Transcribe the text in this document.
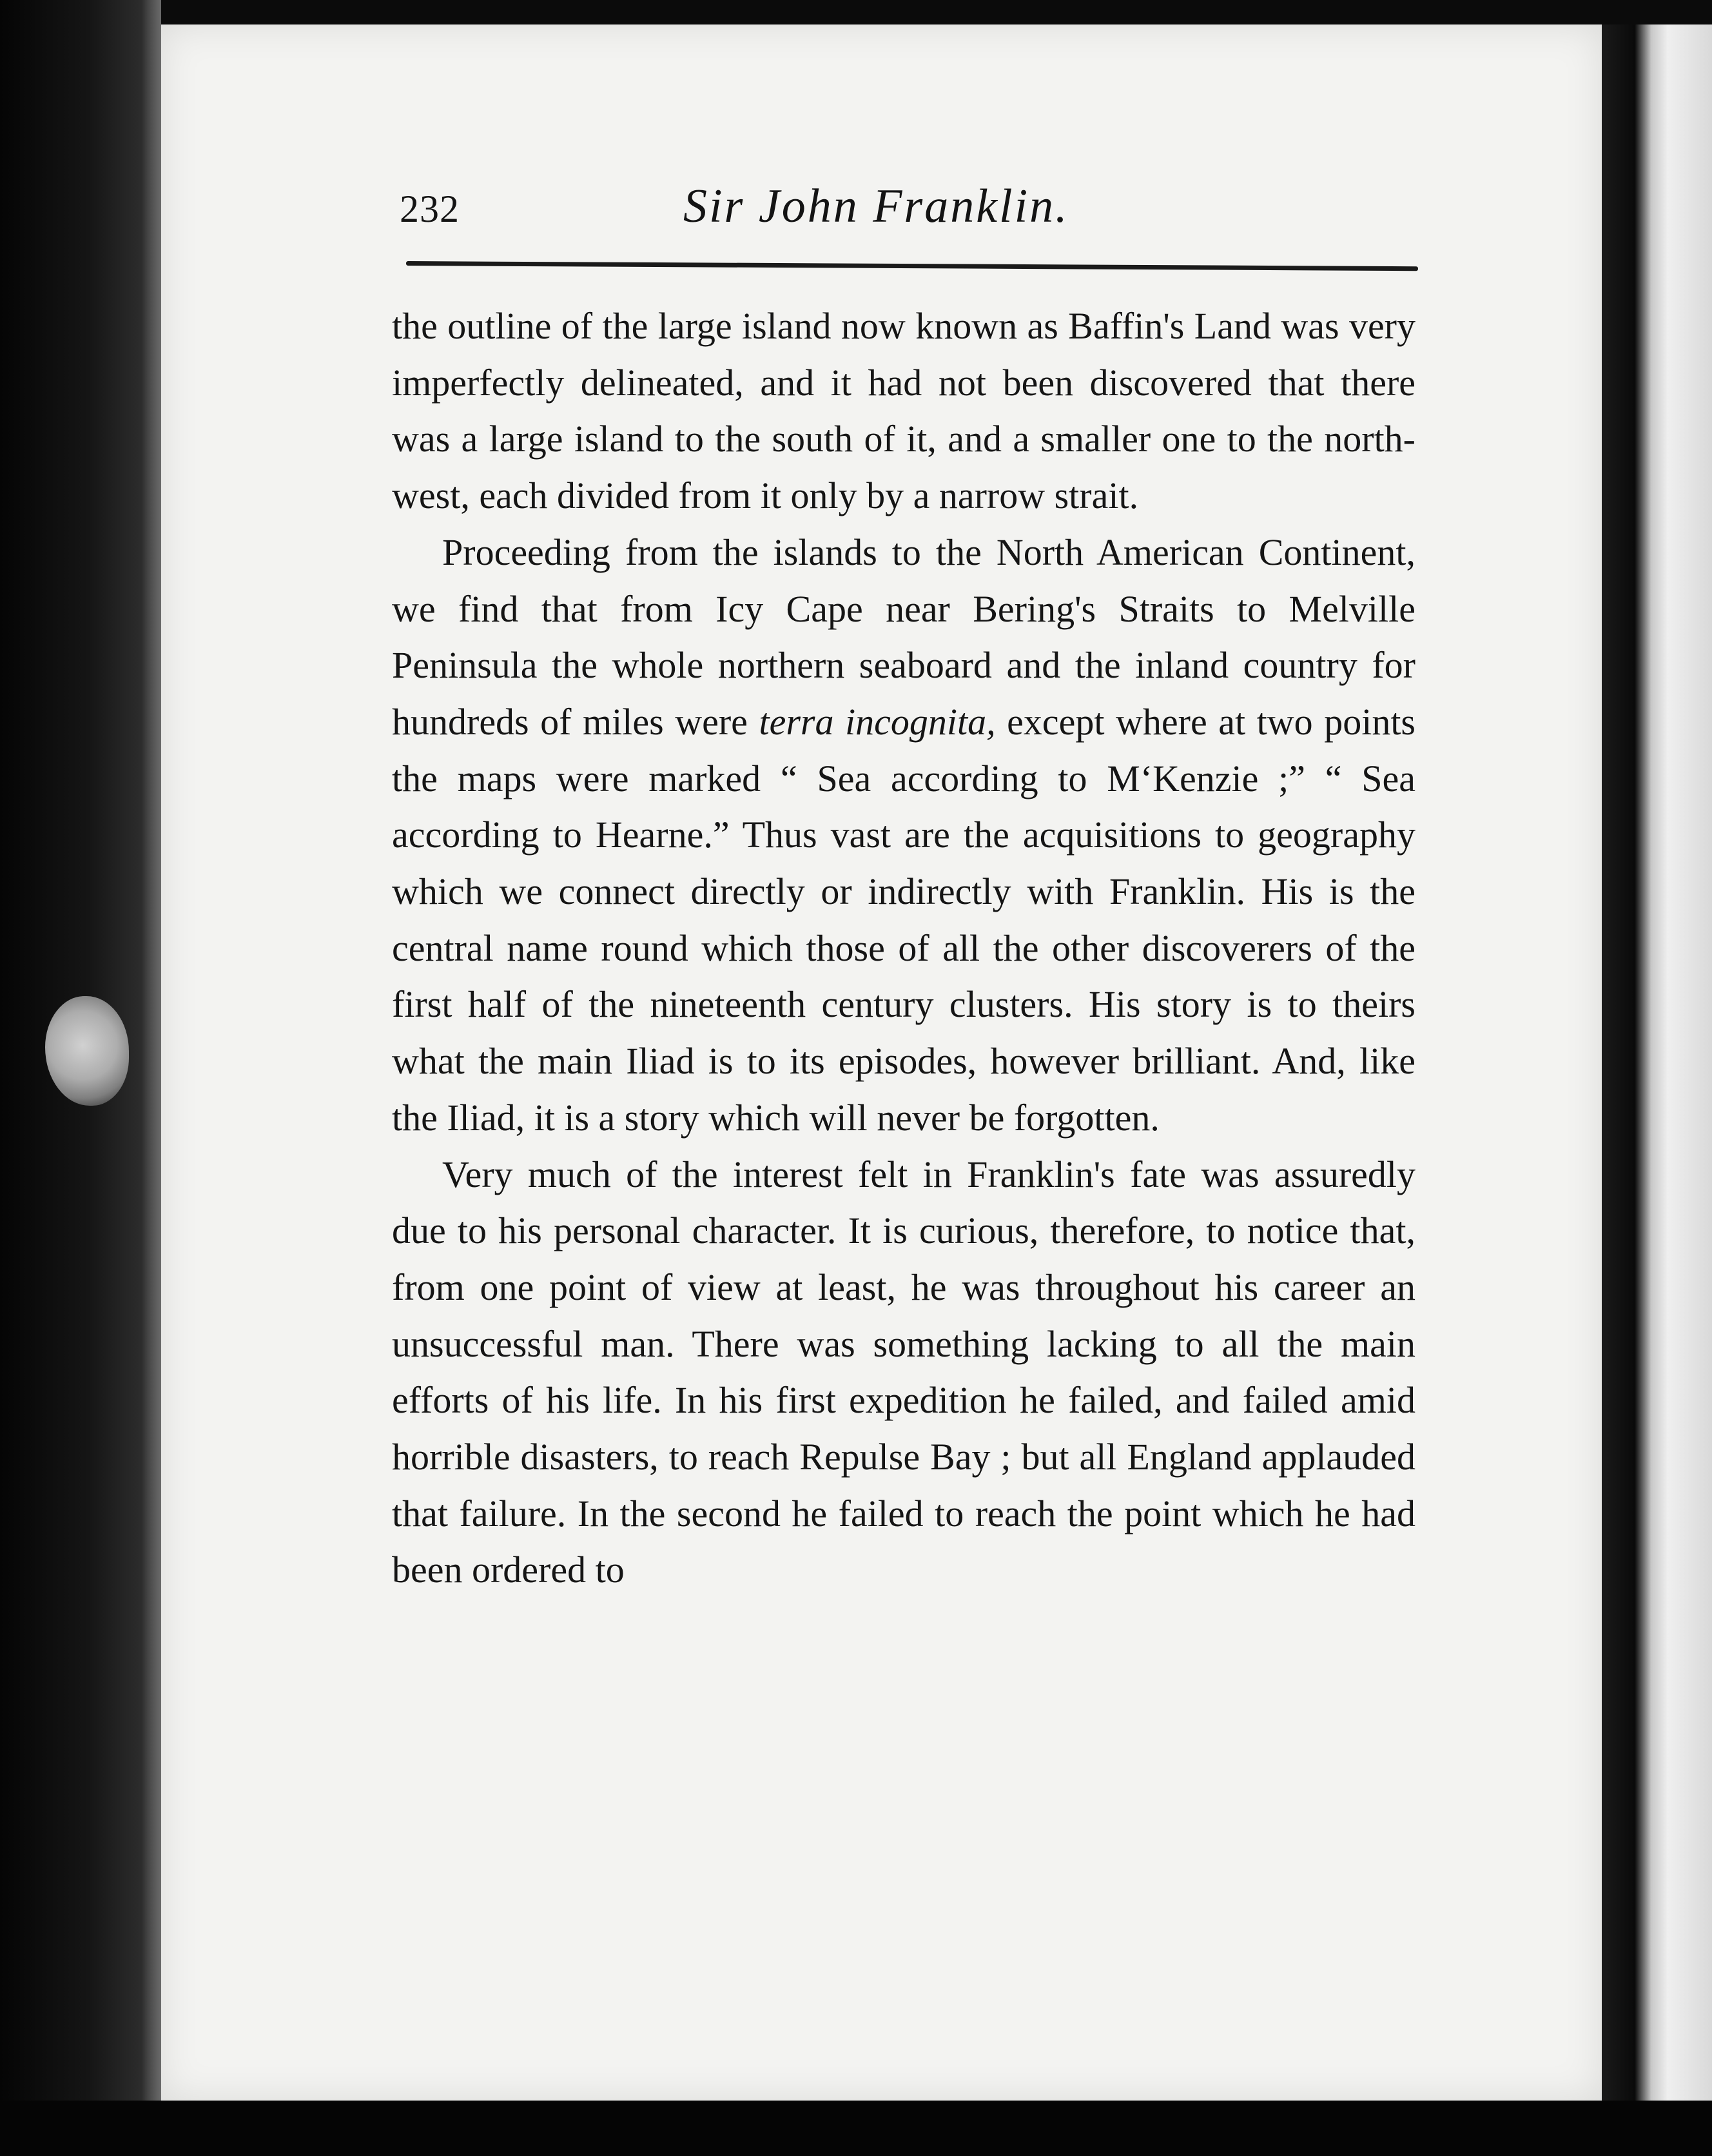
232	Sir John Franklin.

the outline of the large island now known as Baffin's Land was very imperfectly delineated, and it had not been discovered that there was a large island to the south of it, and a smaller one to the north-west, each divided from it only by a narrow strait.

Proceeding from the islands to the North American Continent, we find that from Icy Cape near Bering's Straits to Melville Peninsula the whole northern seaboard and the inland country for hundreds of miles were terra incognita, except where at two points the maps were marked “ Sea according to M‘Kenzie ;” “ Sea according to Hearne.” Thus vast are the acquisitions to geography which we connect directly or indirectly with Franklin. His is the central name round which those of all the other discoverers of the first half of the nineteenth century clusters. His story is to theirs what the main Iliad is to its episodes, however brilliant. And, like the Iliad, it is a story which will never be forgotten.

Very much of the interest felt in Franklin's fate was assuredly due to his personal character. It is curious, therefore, to notice that, from one point of view at least, he was throughout his career an unsuccessful man. There was something lacking to all the main efforts of his life. In his first expedition he failed, and failed amid horrible disasters, to reach Repulse Bay ; but all England applauded that failure. In the second he failed to reach the point which he had been ordered to
